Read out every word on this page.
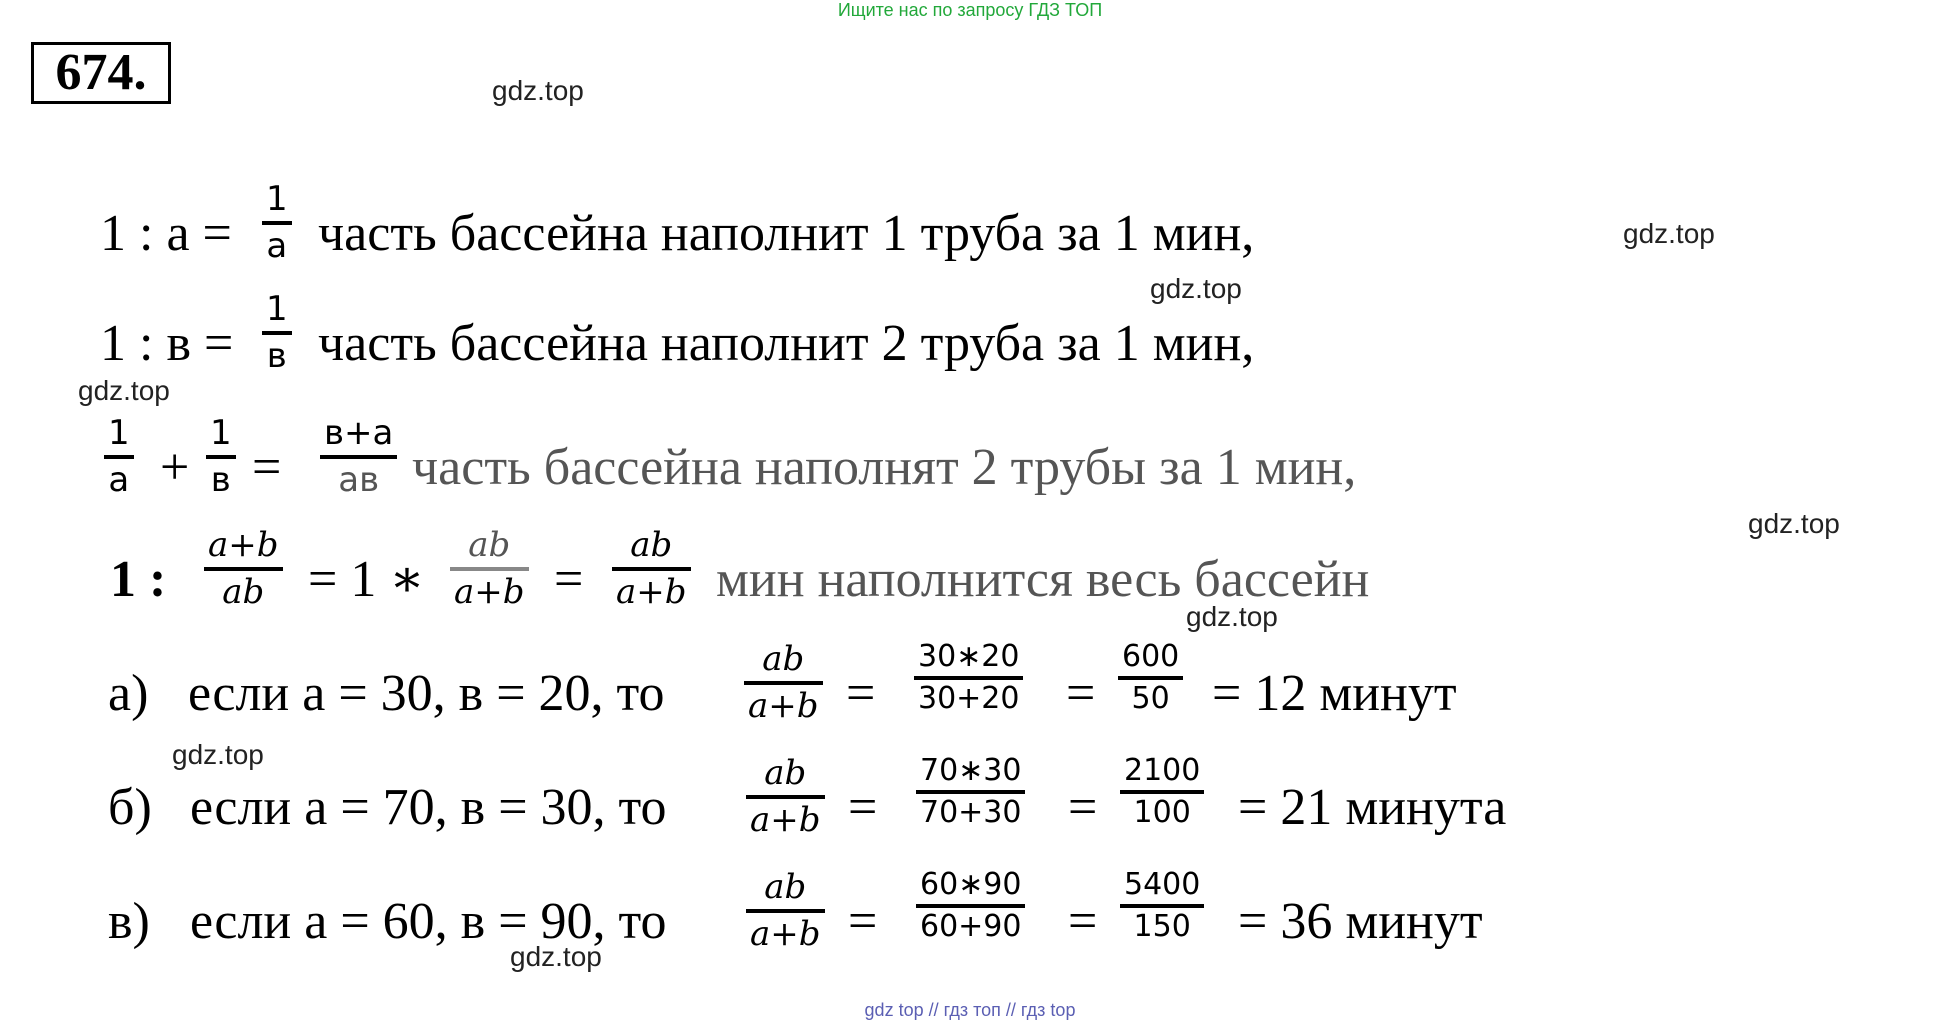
Ищите нас по запросу ГДЗ ТОП
674.	gdz.top
gdz.top
gdz.top
gdz.top
gdz.top
gdz.top
gdz.top
gdz.top
1 : a =
1
a часть бассейна наполнит 1 труба за 1 мин,
1 : в =
1
в часть бассейна наполнит 2 труба за 1 мин,
1
a +
1
в =
в+а
ав часть бассейна наполнят 2 трубы за 1 мин,
1 :
a+b
ab = 1 ∗
ab
a+b =
ab
a+b мин наполнится весь бассейн
а) если a = 30, в = 20, то
ab
a+b =
30∗20
30+20 =
600
50 = 12 минут
б) если a = 70, в = 30, то
ab
a+b =
70∗30
70+30 =
2100
100 = 21 минута
в) если a = 60, в = 90, то
ab
a+b =
60∗90
60+90 =
5400
150 = 36 минут
gdz top // гдз топ // гдз top
